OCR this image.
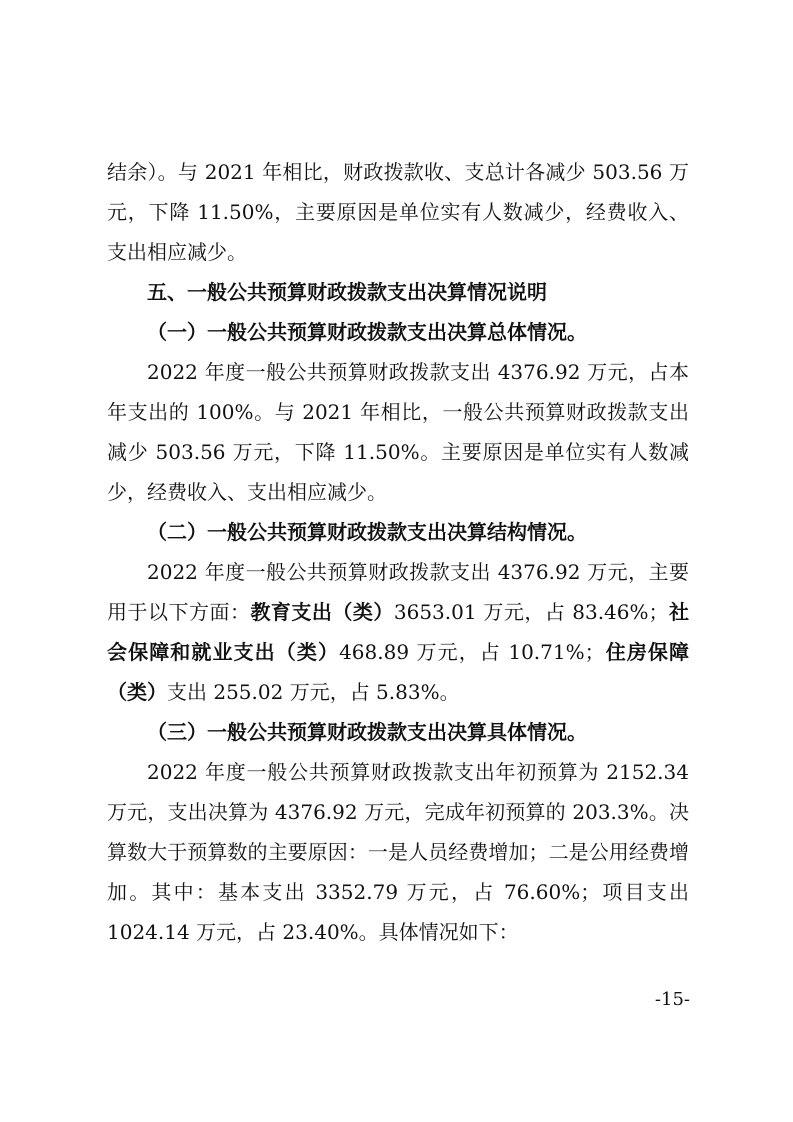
结余）。与 2021 年相比，财政拨款收、支总计各减少 503.56 万元，下降 11.50%，主要原因是单位实有人数减少，经费收入、支出相应减少。

五、一般公共预算财政拨款支出决算情况说明

（一）一般公共预算财政拨款支出决算总体情况。

2022 年度一般公共预算财政拨款支出 4376.92 万元，占本年支出的 100%。与 2021 年相比，一般公共预算财政拨款支出减少 503.56 万元，下降 11.50%。主要原因是单位实有人数减少，经费收入、支出相应减少。

（二）一般公共预算财政拨款支出决算结构情况。

2022 年度一般公共预算财政拨款支出 4376.92 万元，主要用于以下方面：教育支出（类）3653.01 万元，占 83.46%；社会保障和就业支出（类）468.89 万元，占 10.71%；住房保障（类）支出 255.02 万元，占 5.83%。

（三）一般公共预算财政拨款支出决算具体情况。

2022 年度一般公共预算财政拨款支出年初预算为 2152.34 万元，支出决算为 4376.92 万元，完成年初预算的 203.3%。决算数大于预算数的主要原因：一是人员经费增加；二是公用经费增加。其中：基本支出 3352.79 万元，占 76.60%；项目支出 1024.14 万元，占 23.40%。具体情况如下：

-15-
